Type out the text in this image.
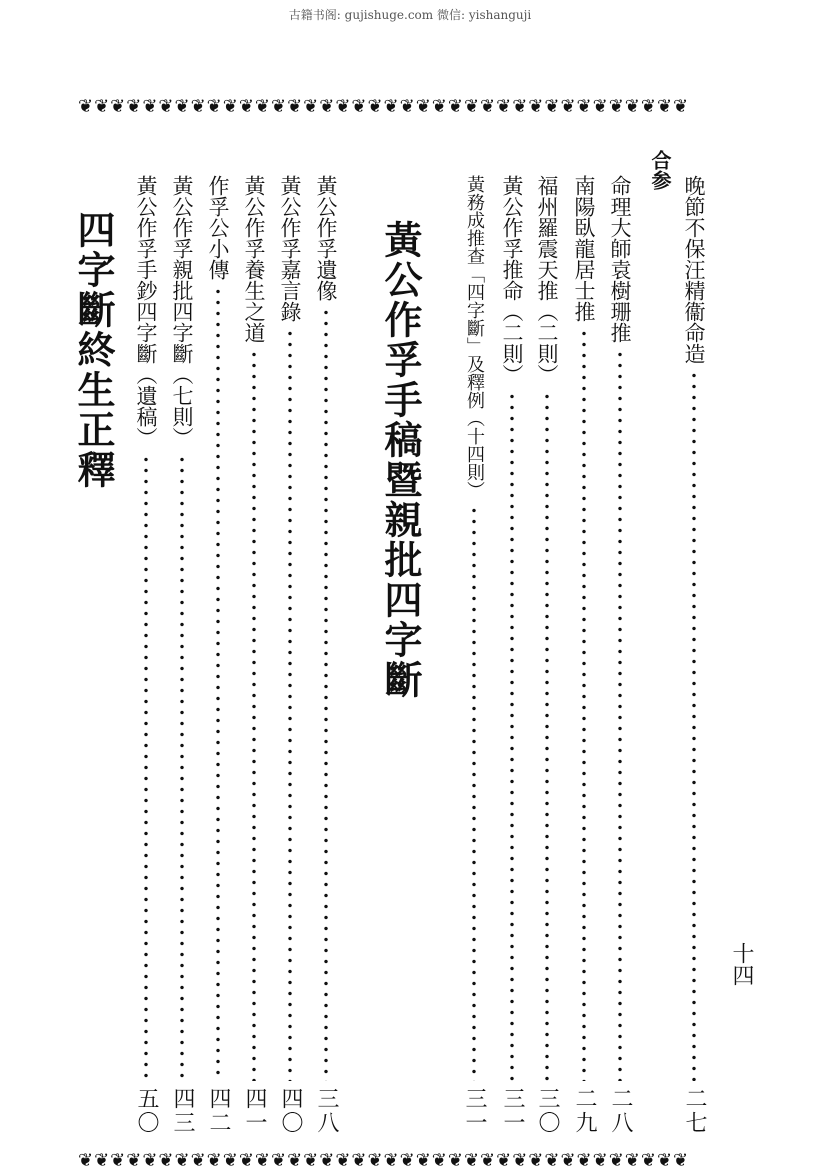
古籍书阁: gujishuge.com 微信: yishanguji
❦❦❦❦❦❦❦❦❦❦❦❦❦❦❦❦❦❦❦❦❦❦❦❦❦❦❦❦❦❦❦❦❦❦❦❦❦❦
十四
晚節不保汪精衞命造
二七
合参
命理大師袁樹珊推
二八
南陽臥龍居士推
二九
福州羅震天推（二則）
三〇
黃公作孚推命（二則）
三一
黃務成推查「四字斷」及釋例（十四則）
三一
黃公作孚手稿暨親批四字斷
黃公作孚遺像
三八
黃公作孚嘉言錄
四〇
黃公作孚養生之道
四一
作孚公小傳
四二
黃公作孚親批四字斷（七則）
四三
黃公作孚手鈔四字斷（遺稿）
五〇
四字斷終生正釋
❦❦❦❦❦❦❦❦❦❦❦❦❦❦❦❦❦❦❦❦❦❦❦❦❦❦❦❦❦❦❦❦❦❦❦❦❦❦
